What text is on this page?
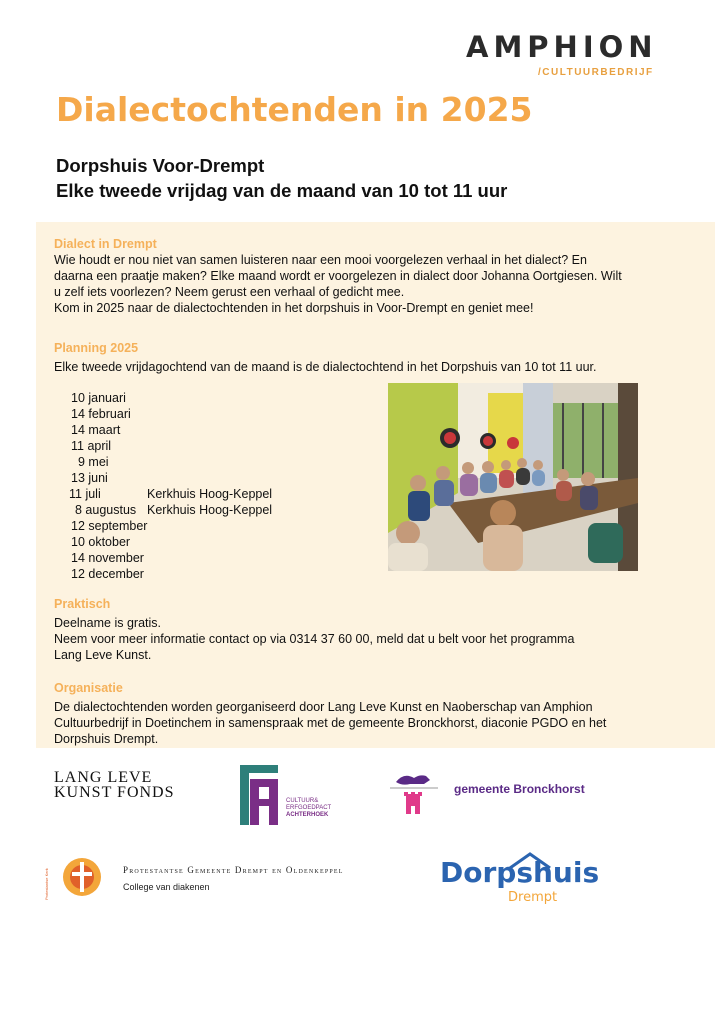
AMPHION
/CULTUURBEDRIJF
Dialectochtenden in 2025
Dorpshuis Voor-Drempt
Elke tweede vrijdag van de maand van 10 tot 11 uur
Dialect in Drempt
Wie houdt er nou niet van samen luisteren naar een mooi voorgelezen verhaal in het dialect? En
daarna een praatje maken? Elke maand wordt er voorgelezen in dialect door Johanna Oortgiesen. Wilt
u zelf iets voorlezen? Neem gerust een verhaal of gedicht mee.
Kom in 2025 naar de dialectochtenden in het dorpshuis in Voor-Drempt en geniet mee!
Planning 2025
Elke tweede vrijdagochtend van de maand is de dialectochtend in het Dorpshuis van 10 tot 11 uur.
10 januari
14 februari
14 maart
11 april
9 mei
13 juni
11 juli	Kerkhuis Hoog-Keppel
8 augustus Kerkhuis Hoog-Keppel
12 september
10 oktober
14 november
12 december
Praktisch
Deelname is gratis.
Neem voor meer informatie contact op via 0314 37 60 00, meld dat u belt voor het programma
Lang Leve Kunst.
Organisatie
De dialectochtenden worden georganiseerd door Lang Leve Kunst en Naoberschap van Amphion
Cultuurbedrijf in Doetinchem in samenspraak met de gemeente Bronckhorst, diaconie PGDO en het
Dorpshuis Drempt.
LANG LEVE
KUNST FONDS	CULTUUR&
ERFGOEDPACT
ACHTERHOEK
gemeente Bronckhorst
Protestantse Kerk	Protestantse Gemeente Drempt en Oldenkeppel
College van diakenen	Dorpshuis
Drempt
